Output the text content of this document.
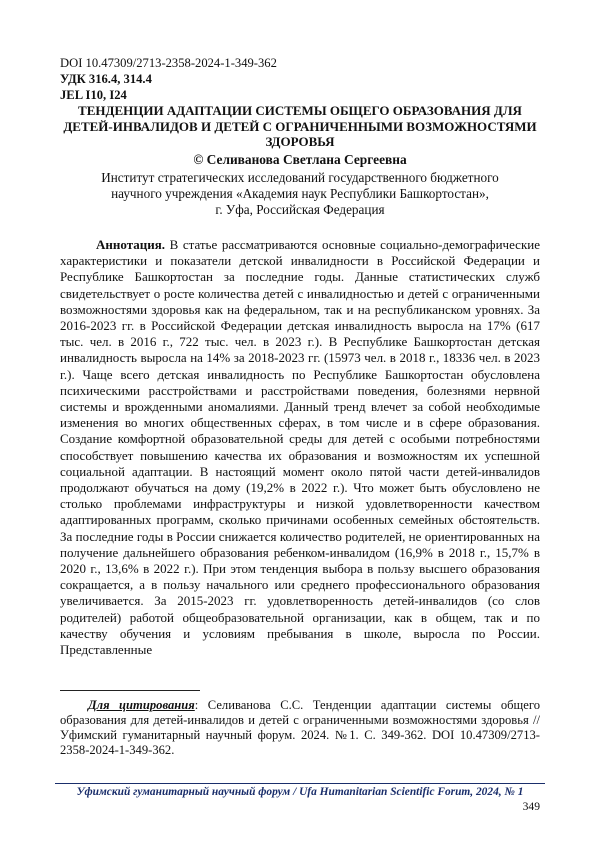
DOI 10.47309/2713-2358-2024-1-349-362
УДК 316.4, 314.4
JEL I10, I24
ТЕНДЕНЦИИ АДАПТАЦИИ СИСТЕМЫ ОБЩЕГО ОБРАЗОВАНИЯ ДЛЯ ДЕТЕЙ-ИНВАЛИДОВ И ДЕТЕЙ С ОГРАНИЧЕННЫМИ ВОЗМОЖНОСТЯМИ ЗДОРОВЬЯ
© Селиванова Светлана Сергеевна
Институт стратегических исследований государственного бюджетного
научного учреждения «Академия наук Республики Башкортостан»,
г. Уфа, Российская Федерация

Аннотация. В статье рассматриваются основные социально-демографические характеристики и показатели детской инвалидности в Российской Федерации и Республике Башкортостан за последние годы. Данные статистических служб свидетельствует о росте количества детей с инвалидностью и детей с ограниченными возможностями здоровья как на федеральном, так и на республиканском уровнях. За 2016-2023 гг. в Российской Федерации детская инвалидность выросла на 17% (617 тыс. чел. в 2016 г., 722 тыс. чел. в 2023 г.). В Республике Башкортостан детская инвалидность выросла на 14% за 2018-2023 гг. (15973 чел. в 2018 г., 18336 чел. в 2023 г.). Чаще всего детская инвалидность по Республике Башкортостан обусловлена психическими расстройствами и расстройствами поведения, болезнями нервной системы и врожденными аномалиями. Данный тренд влечет за собой необходимые изменения во многих общественных сферах, в том числе и в сфере образования. Создание комфортной образовательной среды для детей с особыми потребностями способствует повышению качества их образования и возможностям их успешной социальной адаптации. В настоящий момент около пятой части детей-инвалидов продолжают обучаться на дому (19,2% в 2022 г.). Что может быть обусловлено не столько проблемами инфраструктуры и низкой удовлетворенности качеством адаптированных программ, сколько причинами особенных семейных обстоятельств. За последние годы в России снижается количество родителей, не ориентированных на получение дальнейшего образования ребенком-инвалидом (16,9% в 2018 г., 15,7% в 2020 г., 13,6% в 2022 г.). При этом тенденция выбора в пользу высшего образования сокращается, а в пользу начального или среднего профессионального образования увеличивается. За 2015-2023 гг. удовлетворенность детей-инвалидов (со слов родителей) работой общеобразовательной организации, как в общем, так и по качеству обучения и условиям пребывания в школе, выросла по России. Представленные

Для цитирования: Селиванова С.С. Тенденции адаптации системы общего образования для детей-инвалидов и детей с ограниченными возможностями здоровья // Уфимский гуманитарный научный форум. 2024. №1. С. 349-362. DOI 10.47309/2713-2358-2024-1-349-362.

Уфимский гуманитарный научный форум / Ufa Humanitarian Scientific Forum, 2024, № 1
349
